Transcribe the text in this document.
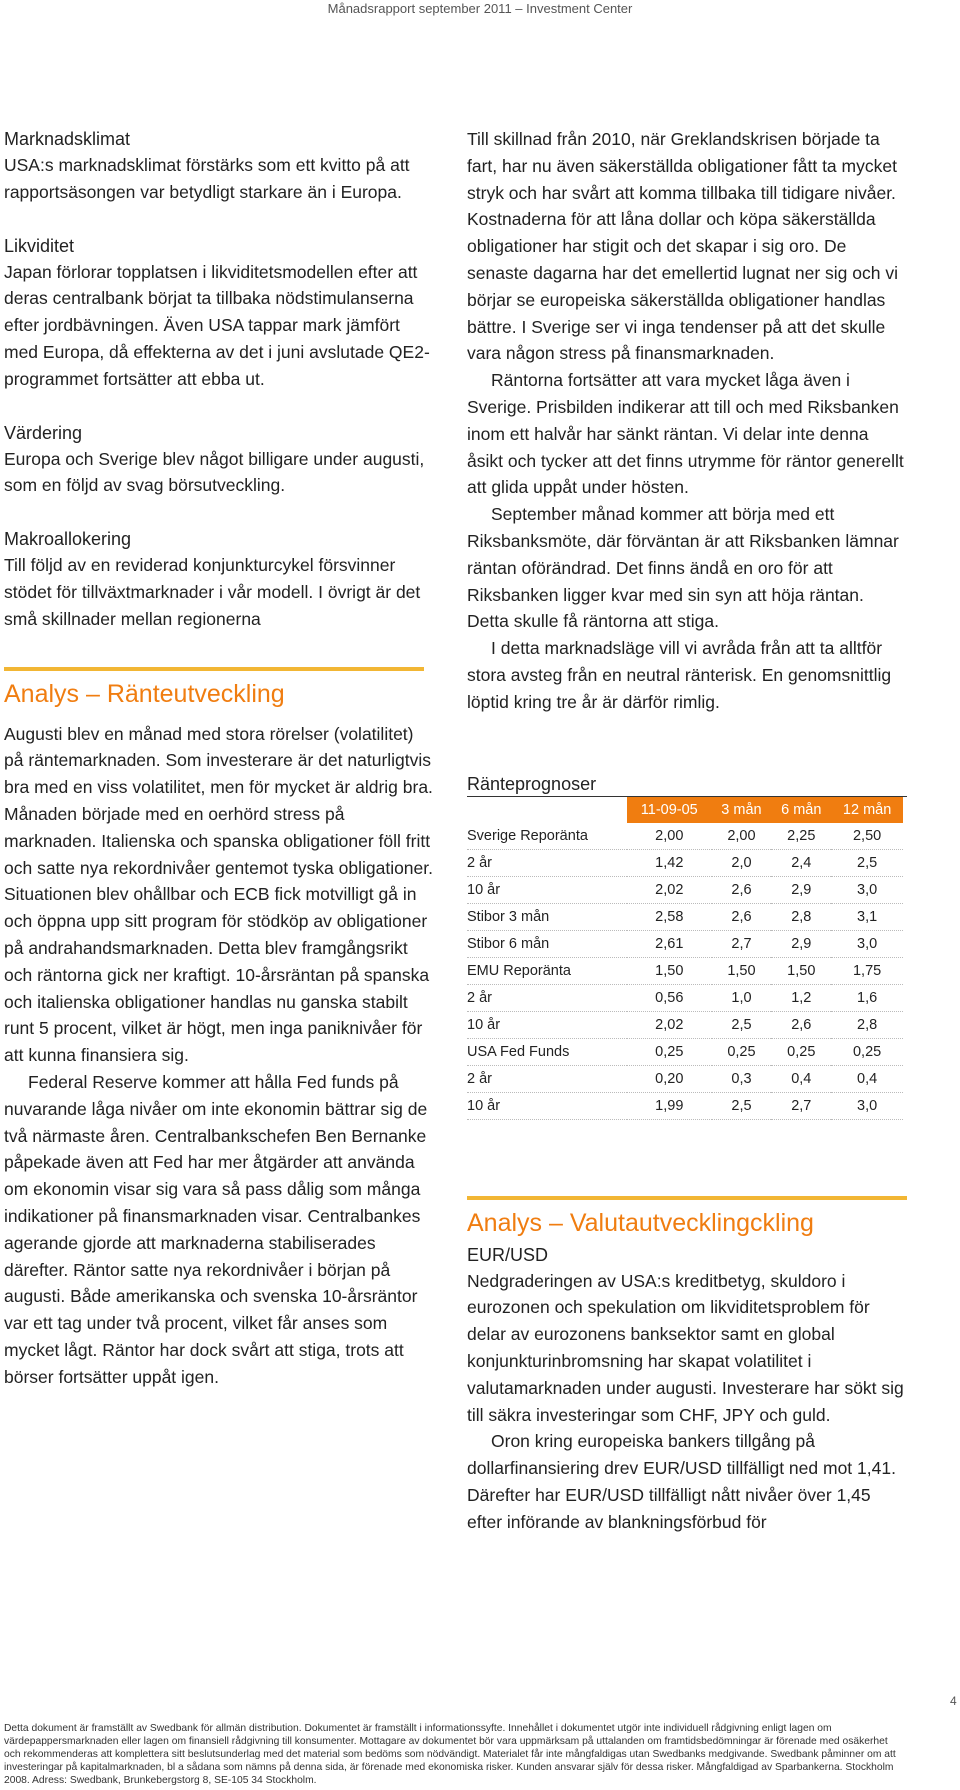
Månadsrapport september 2011 – Investment Center

Marknadsklimat

USA:s marknadsklimat förstärks som ett kvitto på att rapportsäsongen var betydligt starkare än i Europa.

Likviditet

Japan förlorar topplatsen i likviditetsmodellen efter att deras centralbank börjat ta tillbaka nödstimulanserna efter jordbävningen. Även USA tappar mark jämfört med Europa, då effekterna av det i juni avslutade QE2-programmet fortsätter att ebba ut.

Värdering

Europa och Sverige blev något billigare under augusti, som en följd av svag börsutveckling.

Makroallokering

Till följd av en reviderad konjunkturcykel försvinner stödet för tillväxtmarknader i vår modell. I övrigt är det små skillnader mellan regionerna

Analys – Ränteutveckling

Augusti blev en månad med stora rörelser (volatilitet) på räntemarknaden. Som investerare är det naturligtvis bra med en viss volatilitet, men för mycket är aldrig bra. Månaden började med en oerhörd stress på marknaden. Italienska och spanska obligationer föll fritt och satte nya rekordnivåer gentemot tyska obligationer. Situationen blev ohållbar och ECB fick motvilligt gå in och öppna upp sitt program för stödköp av obligationer på andrahandsmarknaden. Detta blev framgångsrikt och räntorna gick ner kraftigt. 10-årsräntan på spanska och italienska obligationer handlas nu ganska stabilt runt 5 procent, vilket är högt, men inga paniknivåer för att kunna finansiera sig.

Federal Reserve kommer att hålla Fed funds på nuvarande låga nivåer om inte ekonomin bättrar sig de två närmaste åren. Centralbankschefen Ben Bernanke påpekade även att Fed har mer åtgärder att använda om ekonomin visar sig vara så pass dålig som många indikationer på finansmarknaden visar. Centralbankes agerande gjorde att marknaderna stabiliserades därefter. Räntor satte nya rekordnivåer i början på augusti. Både amerikanska och svenska 10-årsräntor var ett tag under två procent, vilket får anses som mycket lågt. Räntor har dock svårt att stiga, trots att börser fortsätter uppåt igen.

Till skillnad från 2010, när Greklandskrisen började ta fart, har nu även säkerställda obligationer fått ta mycket stryk och har svårt att komma tillbaka till tidigare nivåer. Kostnaderna för att låna dollar och köpa säkerställda obligationer har stigit och det skapar i sig oro. De senaste dagarna har det emellertid lugnat ner sig och vi börjar se europeiska säkerställda obligationer handlas bättre. I Sverige ser vi inga tendenser på att det skulle vara någon stress på finansmarknaden.

Räntorna fortsätter att vara mycket låga även i Sverige. Prisbilden indikerar att till och med Riksbanken inom ett halvår har sänkt räntan. Vi delar inte denna åsikt och tycker att det finns utrymme för räntor generellt att glida uppåt under hösten.

September månad kommer att börja med ett Riksbanksmöte, där förväntan är att Riksbanken lämnar räntan oförändrad. Det finns ändå en oro för att Riksbanken ligger kvar med sin syn att höja räntan. Detta skulle få räntorna att stiga.

I detta marknadsläge vill vi avråda från att ta alltför stora avsteg från en neutral ränterisk. En genomsnittlig löptid kring tre år är därför rimlig.

Ränteprognoser

	11-09-05	3 mån	6 mån	12 mån
Sverige Reporänta	2,00	2,00	2,25	2,50
2 år	1,42	2,0	2,4	2,5
10 år	2,02	2,6	2,9	3,0
Stibor 3 mån	2,58	2,6	2,8	3,1
Stibor 6 mån	2,61	2,7	2,9	3,0
EMU Reporänta	1,50	1,50	1,50	1,75
2 år	0,56	1,0	1,2	1,6
10 år	2,02	2,5	2,6	2,8
USA Fed Funds	0,25	0,25	0,25	0,25
2 år	0,20	0,3	0,4	0,4
10 år	1,99	2,5	2,7	3,0
Analys – Valutautvecklingckling

EUR/USD

Nedgraderingen av USA:s kreditbetyg, skuldoro i eurozonen och spekulation om likviditetsproblem för delar av eurozonens banksektor samt en global konjunkturinbromsning har skapat volatilitet i valutamarknaden under augusti. Investerare har sökt sig till säkra investeringar som CHF, JPY och guld.

Oron kring europeiska bankers tillgång på dollarfinansiering drev EUR/USD tillfälligt ned mot 1,41. Därefter har EUR/USD tillfälligt nått nivåer över 1,45 efter införande av blankningsförbud för

4
Detta dokument är framställt av Swedbank för allmän distribution. Dokumentet är framställt i informationssyfte. Innehållet i dokumentet utgör inte individuell rådgivning enligt lagen om värdepappersmarknaden eller lagen om finansiell rådgivning till konsumenter. Mottagare av dokumentet bör vara uppmärksam på uttalanden om framtidsbedömningar är förenade med osäkerhet och rekommenderas att komplettera sitt beslutsunderlag med det material som bedöms som nödvändigt. Materialet får inte mångfaldigas utan Swedbanks medgivande. Swedbank påminner om att investeringar på kapitalmarknaden, bl a sådana som nämns på denna sida, är förenade med ekonomiska risker. Kunden ansvarar själv för dessa risker. Mångfaldigad av Sparbankerna. Stockholm 2008. Adress: Swedbank, Brunkebergstorg 8, SE-105 34 Stockholm.
